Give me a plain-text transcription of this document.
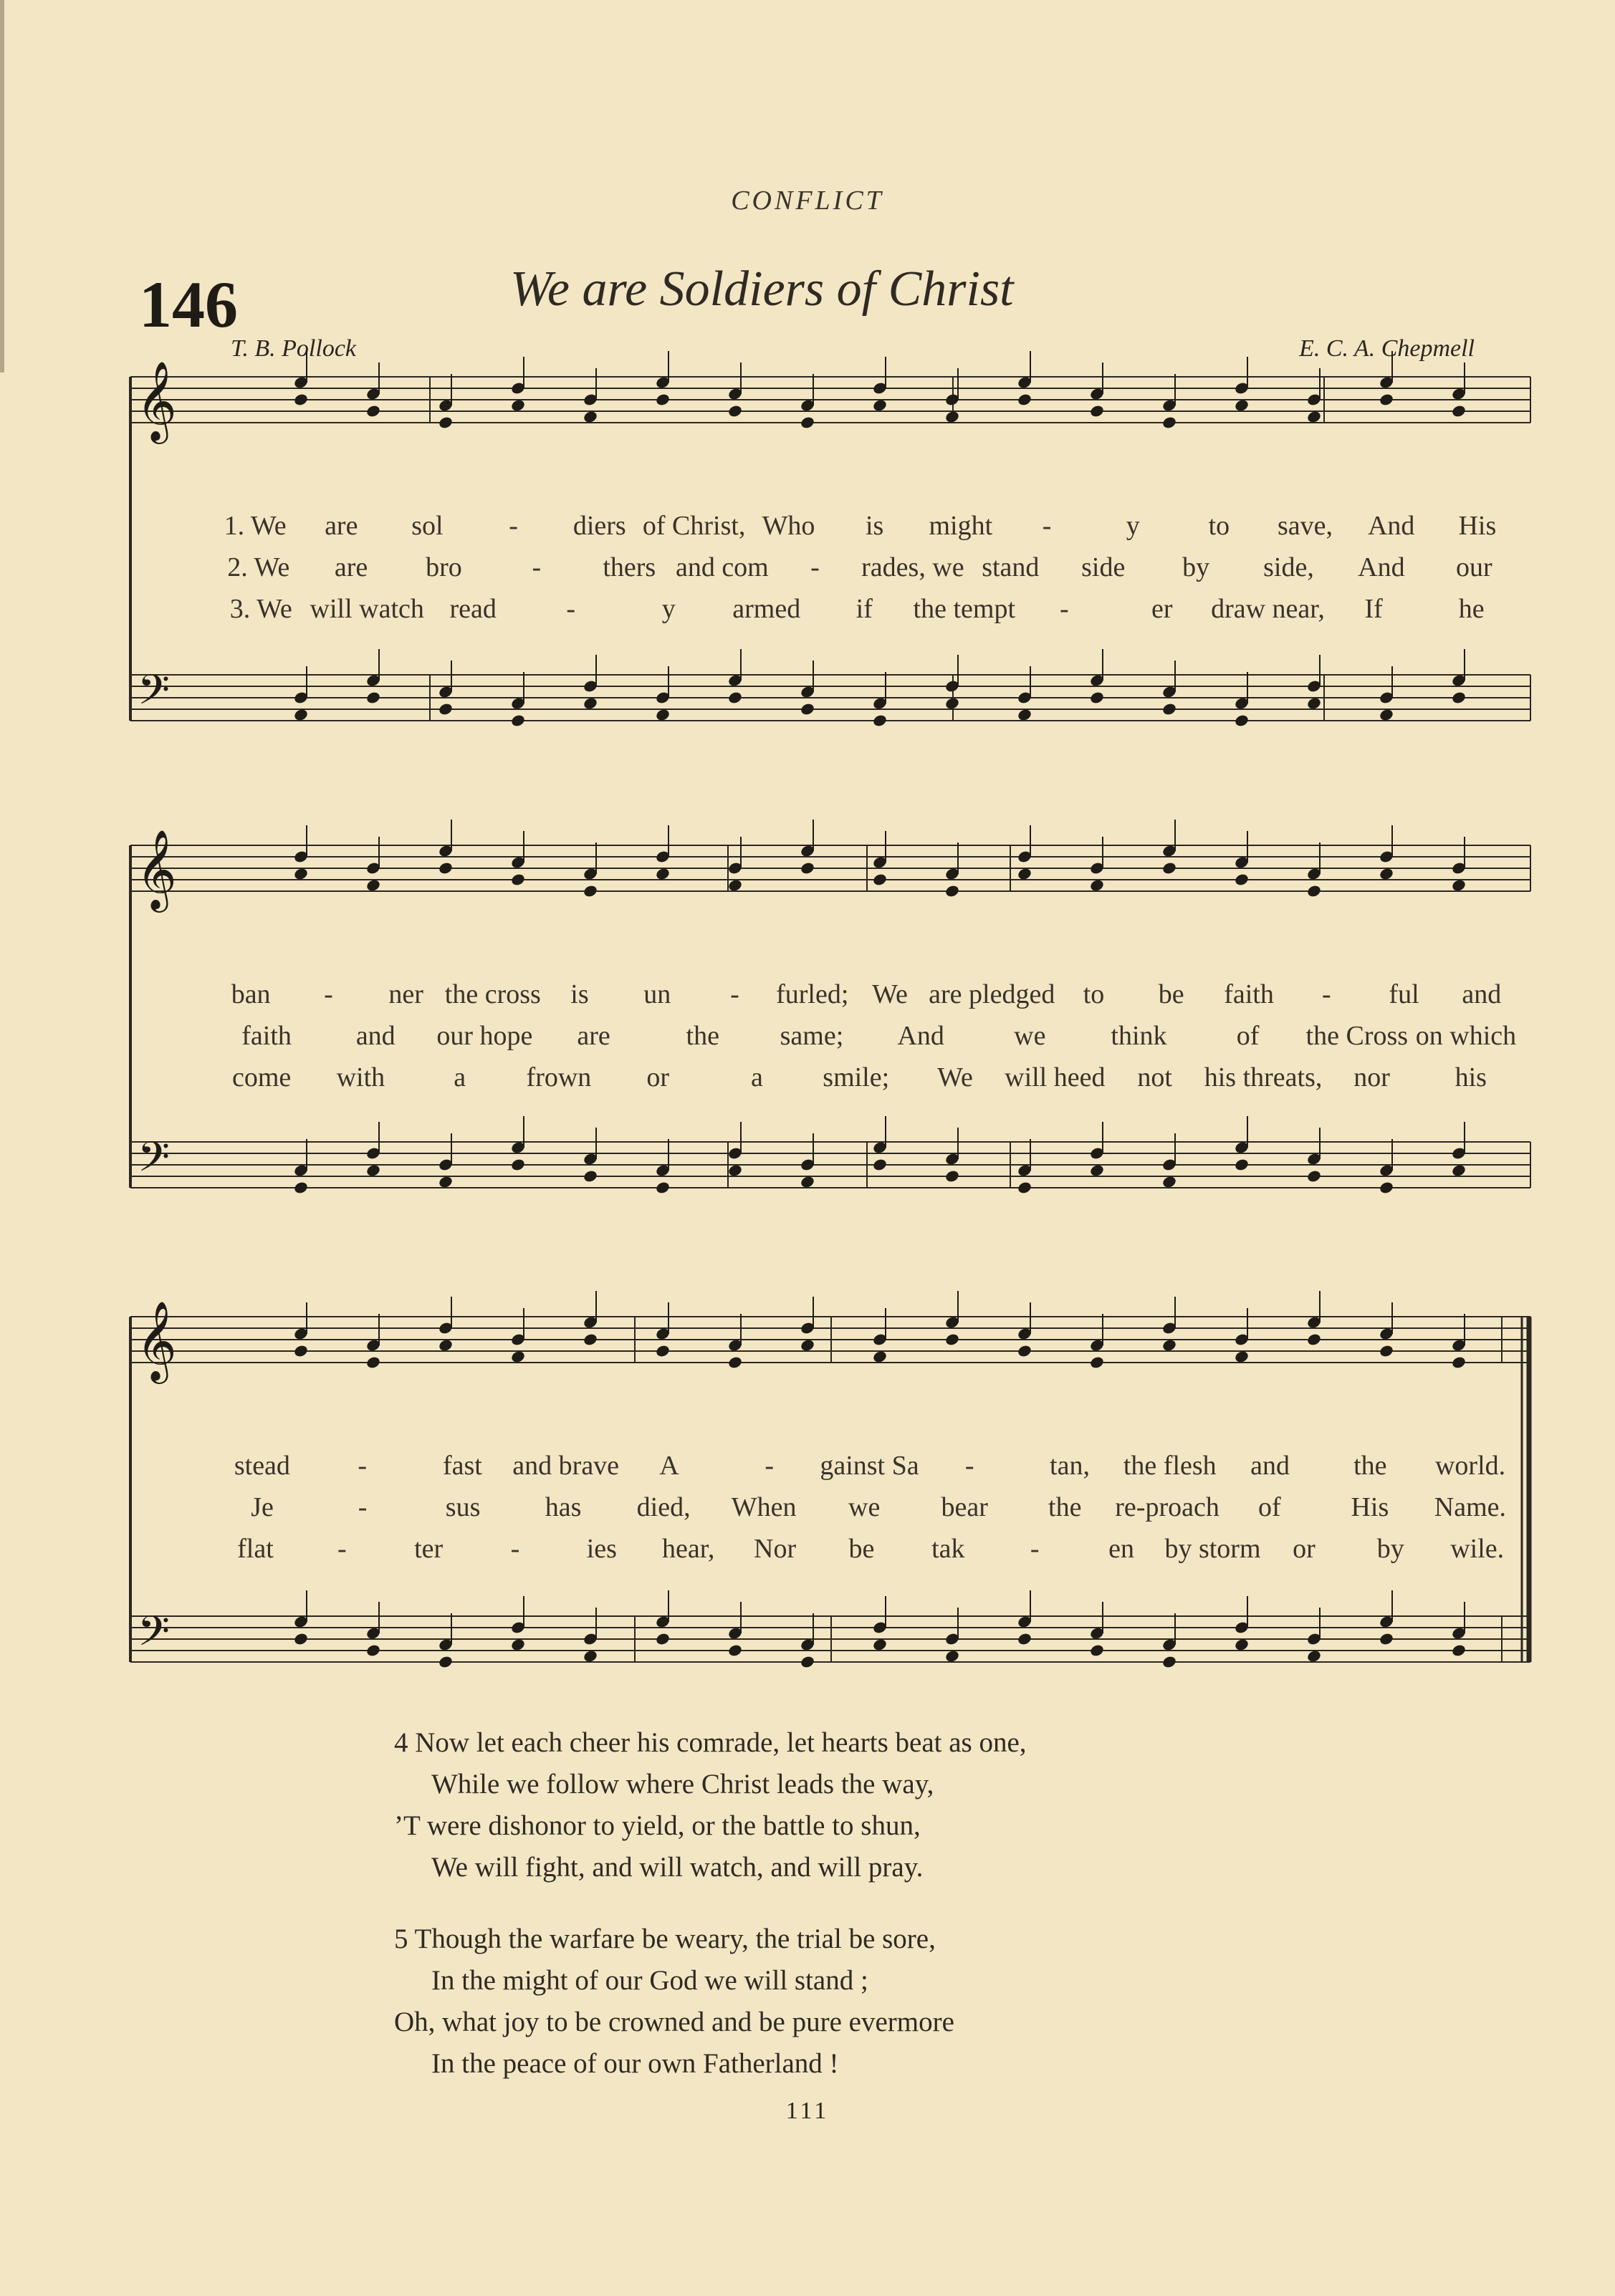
CONFLICT
146	We are Soldiers of Christ
T. B. Pollock	E. C. A. Chepmell
𝄞
𝄞
𝄞
𝄢
𝄢
𝄢
1. We	are	sol	-	diers of Christ, Who	is	might	-	y	to	save,	And	His
2. We	are	bro	-	thers and com	-	rades, we stand	side	by	side,	And	our
3. We will watch read	-	y	armed	if	the tempt	-	er	draw near,	If	he
ban	-	ner the cross	is	un	-	furled; We are pledged	to	be	faith	-	ful	and
faith	and	our hope	are	the	same;	And	we	think	of	the Cross on which
come	with	a	frown	or	a	smile;	We	will heed	not	his threats,	nor	his
stead	-	fast	and brave	A	-	gainst Sa	-	tan,	the flesh	and	the	world.
Je	-	sus	has	died,	When	we	bear	the	re-proach	of	His	Name.
flat	-	ter	-	ies	hear,	Nor	be	tak	-	en	by storm	or	by	wile.
4 Now let each cheer his comrade, let hearts beat as one,
While we follow where Christ leads the way,
’T were dishonor to yield, or the battle to shun,
We will fight, and will watch, and will pray.
5 Though the warfare be weary, the trial be sore,
In the might of our God we will stand ;
Oh, what joy to be crowned and be pure evermore
In the peace of our own Fatherland !
111
